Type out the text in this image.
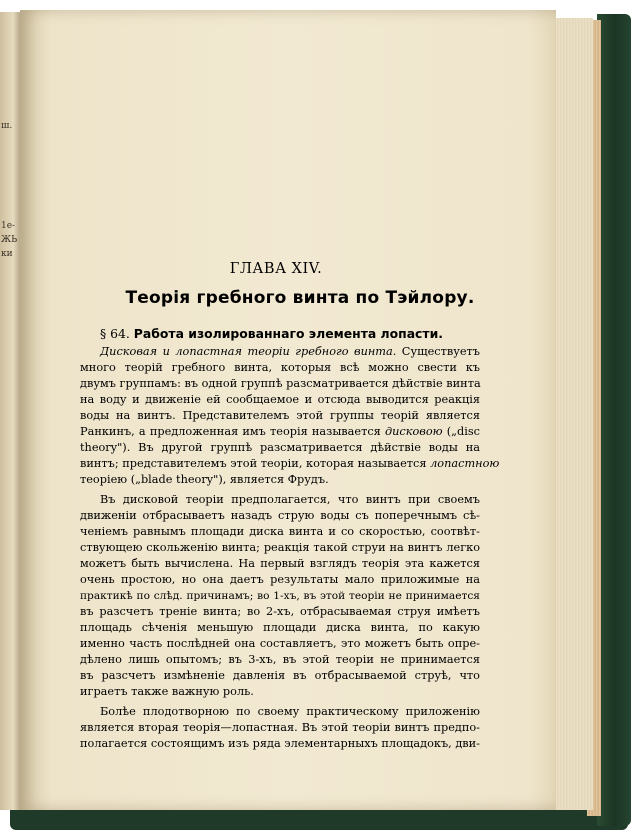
ш.
1е-
ЖЬ
ки
ГЛАВА XIV.
Теорія гребного винта по Тэйлору.
§ 64. Работа изолированнаго элемента лопасти.
Дисковая и лопастная теоріи гребного винта. Существуетъ
много теорій гребного винта, которыя всѣ можно свести къ
двумъ группамъ: въ одной группѣ разсматривается дѣйствіе винта
на воду и движеніе ей сообщаемое и отсюда выводится реакція
воды на винтъ. Представителемъ этой группы теорій является
Ранкинъ, а предложенная имъ теорія называется дисковою („disc
theory"). Въ другой группѣ разсматривается дѣйствіе воды на
винтъ; представителемъ этой теоріи, которая называется лопастною
теоріею („blade theory"), является Фрудъ.
Въ дисковой теоріи предполагается, что винтъ при своемъ
движеніи отбрасываетъ назадъ струю воды съ поперечнымъ сѣ-
ченіемъ равнымъ площади диска винта и со скоростью, соотвѣт-
ствующею скольженію винта; реакція такой струи на винтъ легко
можетъ быть вычислена. На первый взглядъ теорія эта кажется
очень простою, но она даетъ результаты мало приложимые на
практикѣ по слѣд. причинамъ; во 1-хъ, въ этой теоріи не принимается
въ разсчетъ треніе винта; во 2-хъ, отбрасываемая струя имѣетъ
площадь сѣченія меньшую площади диска винта, по какую
именно часть послѣдней она составляетъ, это можетъ быть опре-
дѣлено лишь опытомъ; въ 3-хъ, въ этой теоріи не принимается
въ разсчетъ измѣненіе давленія въ отбрасываемой струѣ, что
играетъ также важную роль.
Болѣе плодотворною по своему практическому приложенію
является вторая теорія—лопастная. Въ этой теоріи винтъ предпо-
полагается состоящимъ изъ ряда элементарныхъ площадокъ, дви-
